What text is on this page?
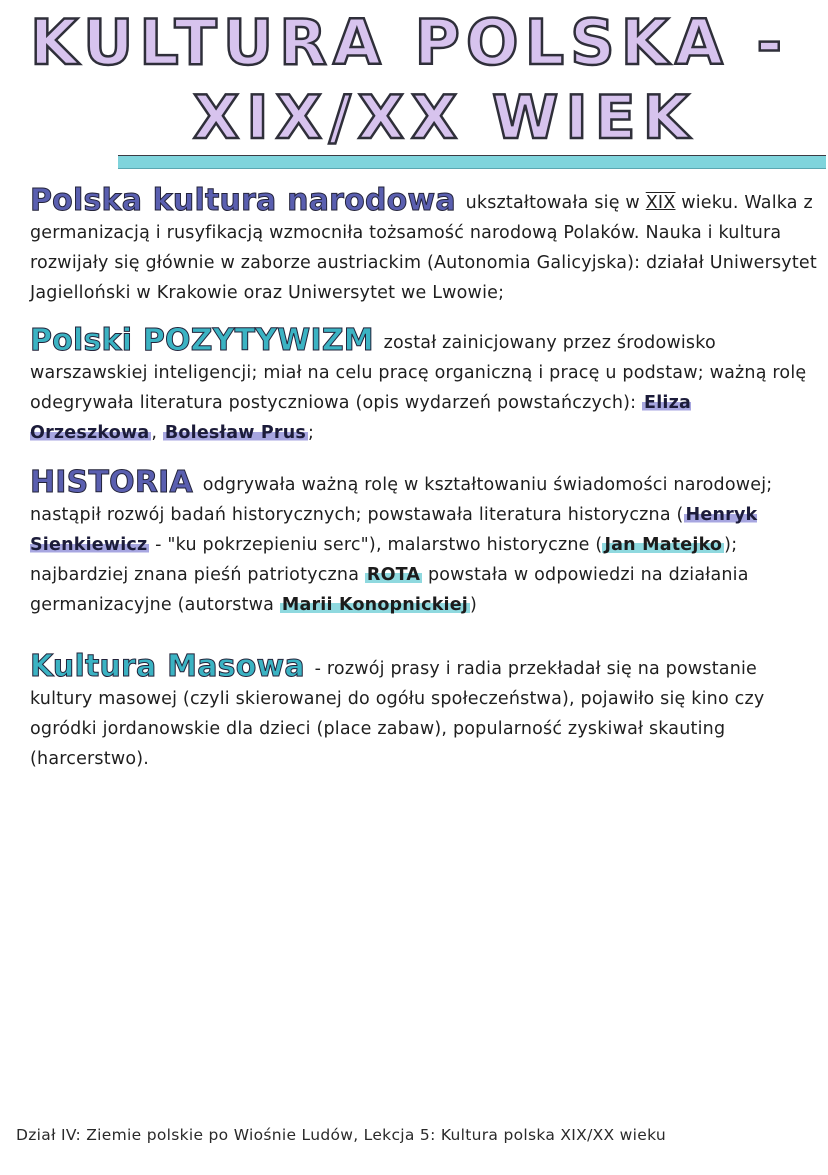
KULTURA POLSKA -
XIX/XX WIEK

Polska kultura narodowa ukształtowała się w XIX wieku. Walka z germanizacją i rusyfikacją wzmocniła tożsamość narodową Polaków. Nauka i kultura rozwijały się głównie w zaborze austriackim (Autonomia Galicyjska): działał Uniwersytet Jagielloński w Krakowie oraz Uniwersytet we Lwowie;

Polski POZYTYWIZM został zainicjowany przez środowisko warszawskiej inteligencji; miał na celu pracę organiczną i pracę u podstaw; ważną rolę odegrywała literatura postyczniowa (opis wydarzeń powstańczych): Eliza Orzeszkowa , Bolesław Prus ;

HISTORIA odgrywała ważną rolę w kształtowaniu świadomości narodowej; nastąpił rozwój badań historycznych; powstawała literatura historyczna ( Henryk Sienkiewicz - "ku pokrzepieniu serc"), malarstwo historyczne ( Jan Matejko ); najbardziej znana pieśń patriotyczna ROTA powstała w odpowiedzi na działania germanizacyjne (autorstwa Marii Konopnickiej )

Kultura Masowa - rozwój prasy i radia przekładał się na powstanie kultury masowej (czyli skierowanej do ogółu społeczeństwa), pojawiło się kino czy ogródki jordanowskie dla dzieci (place zabaw), popularność zyskiwał skauting (harcerstwo).

Dział IV: Ziemie polskie po Wiośnie Ludów, Lekcja 5: Kultura polska XIX/XX wieku
